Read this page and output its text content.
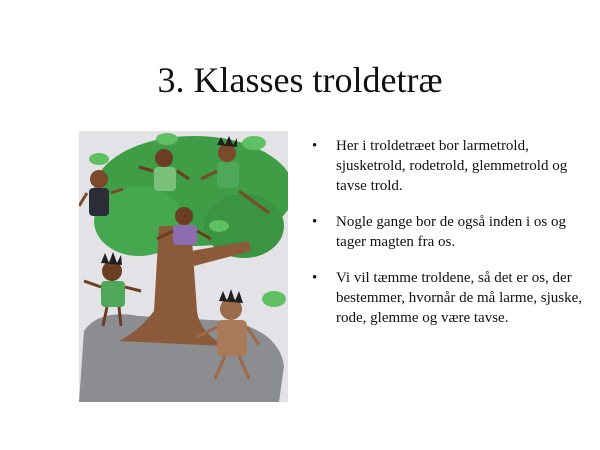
3. Klasses troldetræ
• Her i troldetræet bor larmetrold, sjusketrold, rodetrold, glemmetrold og tavse trold.
• Nogle gange bor de også inden i os og tager magten fra os.
• Vi vil tæmme troldene, så det er os, der bestemmer, hvornår de må larme, sjuske, rode, glemme og være tavse.
